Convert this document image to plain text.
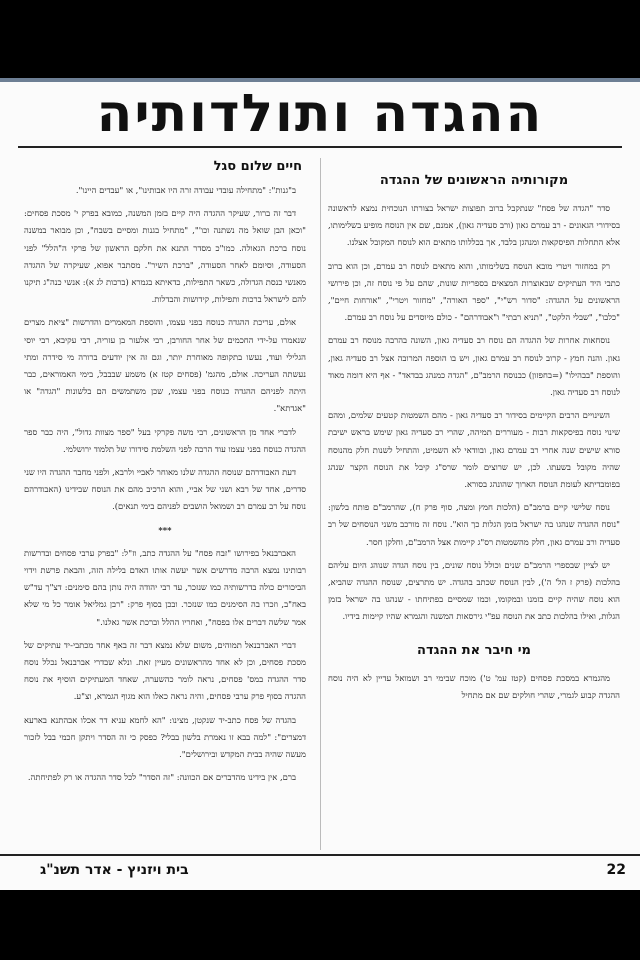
ההגדה ותולדותיה
מקורותיה הראשונים של ההגדה

סדר "הגדה של פסח" שנתקבל ברוב תפוצות ישראל בצורתו הנוכחית נמצא לראשונה בסידורי הגאונים - רב עמרם גאון (ורב סעדיה גאון), אמנם, שם אין הנוסח מופיע בשלימותו, אלא התחלות הפיסקאות ומנהגן בלבד, אך בכללותו מתאים הוא לנוסח המקובל אצלנו.

רק במחזור ויטרי מובא הנוסח בשלימותו, והוא מתאים לנוסח רב עמרם, וכן הוא ברוב כתבי היד העתיקים שבאוצרות המצאים בספריות שונות, שהם על פי נוסח זה, וכן פירושי הראשונים על ההגדה: "סדור רש"י", "ספר האורה", "מחזור ויטרי", "אורחות חיים", "כלבו", "שבלי הלקט", "תניא רבתי" ו"אבודרהם" - כולם מיוסדים על נוסח רב עמרם.

נוסחאות אחרות של ההגדה הם נוסח רב סעדיה גאון, השונה בהרבה מנוסח רב עמרם גאון. והנה חמץ - קרוב לנוסח רב עמרם גאון, ויש בו הוספה המרובה אצל רב סעדיה גאון, והוספת "בבהילו" (=בחפזון) כבנוסח הרמב"ם, "הגדה כמנהג בבדאד" - אף היא דומה מאוד לנוסח רב סעדיה גאון.

השינויים הרבים הקיימים בסידור רב סעדיה גאון - מהם השמטות קטעים שלמים, ומהם שינוי נוסח בפיסקאות רבות - מעוררים תמיהה, שהרי רב סעדיה גאון שימש בראש ישיבת סורא שישים שנה אחרי רב עמרם גאון, ובוודאי לא השמיט, והתחיל לשנות חלק מהנוסח שהיה מקובל בשעתו. לכן, יש שרוצים לומר שרס"ג קיבל את הנוסח הקצר שנהג בפומבדיתא לעומת הנוסח הארוך שהונהג בסורא.

נוסח שלישי קיים ברמב"ם (הלכות חמץ ומצה, סוף פרק ח), שהרמב"ם פותח בלשון: "נוסח ההגדה שנהגו בה ישראל בזמן הגלות כך הוא". נוסח זה מורכב משני הנוסחים של רב סעדיה ורב עמרם גאון, חלק מהשמטות רס"ג קיימות אצל הרמב"ם, וחלקן חסר.

יש לציין שבספרי הרמב"ם שנים וכולל נוסח שונים, בין נוסח הגדה שנוהג היום עליהם בהלכות (פרק ז הל' ה'), לבין הנוסח שכתב בהגדה. יש מתרצים, שנוסח ההגדה שהביא, הוא נוסח שהיה קיים בזמנו ובמקומו, וכמו שמסיים בפתיחתו - שנהגו בה ישראל בזמן הגלות, ואילו בהלכות כתב את הנוסח עפ"י גירסאות המשנה והגמרא שהיו קיימות בידיו.

מי חיבר את ההגדה

מהגמרא במסכת פסחים (קטז עמ' ט') מוכח שבימי רב ושמואל עדיין לא היה נוסח ההגדה קבוע לגמרי, שהרי חולקים שם אם מתחיל

חיים שלום סגל

ב"גנות": "מתחילה עובדי עבודה זרה היו אבותינו", או "עבדים היינו".

דבר זה ברור, שעיקר ההגדה היה קיים בזמן המשנה, כמובא בפרק י' מסכת פסחים: "וכאן הבן שואל מה נשתנה וכו'", "מתחיל בגנות ומסיים בשבח", וכן מבואר במשנה נוסח ברכת הגאולה. כמו"כ מסדר התנא את חלקם הראשון של פרקי ה"הלל" לפני הסעודה, וסיומם לאחר הסעודה, "ברכת השיר". מסתבר אפוא, שעיקרה של ההגדה מאנשי כנסת הגדולה, כשאר התפילות, כדאיתא בגמרא (ברכות לג א): אנשי כנה"ג תיקנו להם לישראל ברכות ותפילות, קידושות והבדלות.

אולם, עריכת ההגדה כנוסח בפני עצמו, והוספת המאמרים והדרשות "ציאת מצרים שנאמרו על-ידי החכמים של אחר החורבן, רבי אלעזר בן עזריה, רבי עקיבא, רבי יוסי הגלילי ועוד, נעשו בתקופה מאוחרת יותר, וגם זה אין יודעים ברורה מי סידרה ומתי נעשתה העריכה. אולם, מהגמ' (פסחים קטז א) משמע שבבבל, בימי האמוראים, כבר היתה לפניהם ההגדה כנוסח בפני עצמו, שכן משתמשים הם בלשונות "הגדה" או "אגדתא".

לדברי אחד מן הראשונים, רבי משה פקרקי בעל "ספר מצוות גדול", היה כבר ספר ההגדה כנוסח בפני עצמו עוד הרבה לפני השלמת סידורו של תלמוד ירושלמי.

דעת האבודרהם שנוסח ההגדה שלנו מאוחר לאביי ולרבא, ולפני מחבר ההגדה היו שני סדרים, אחד של רבא ושני של אביי, והוא הרכיב מהם את הנוסח שבידינו (האבודרהם נוסח על רב עמרם רב ושמואל הושבים לפניהם בימי תנאים).

***

האברבנאל בפירושו "זבח פסח" על ההגדה כתב, וז"ל: "בפרק ערבי פסחים ובדרשות רבותינו נמצא הרבה מדרשים אשר יעשה אותו האדם בלילה הזה, והבאת פרשת וידוי הביכורים כולה בדרשותיה כמו שנזכר, עד רבי יהודה היה נותן בהם סימנים: דצ"ך עד"ש באח"ב, וזכרו בה הסימנים כמו שנזכר. ובכן בסוף פרק: "רבן גמליאל אומר כל מי שלא אמר שלשה דברים אלו בפסח", ואחריו ההלל וברכת אשר גאלנו."

דברי האברבנאל תמוהים, משום שלא נמצא דבר זה באף אחד מכתבי-יד עתיקים של מסכת פסחים, וכן לא אחד מהראשונים מעיין זאת. ונלא שבדרי אברבנאל נכלל נוסח סדר ההגדה במס' פסחים, נראה לומר כהשערה, שאחד המעתיקים הוסיף את נוסח ההגדה בסוף פרק ערבי פסחים, והיה נראה כאלו הוא מגוף הגמרא, וצ"ע.

בהגדה של פסח כתב-יד שנקטן, מצינו: "הא לחמא עניא דר אכלו אבהתנא בארעא דמצרים": "למה בבא זו נאמרת בלשון בבלי? כפסק כי זה הסדר ויתקן חכמי בבל לזכור מעשה שהיה בבית המקדש ובירושלים".

ברם, אין בידינו מהדברים אם הכוונה: "זה הסדר" לכל סדר ההגדה או רק לפתיחתה.

22
בית ויזניץ - אדר תשנ"ג
